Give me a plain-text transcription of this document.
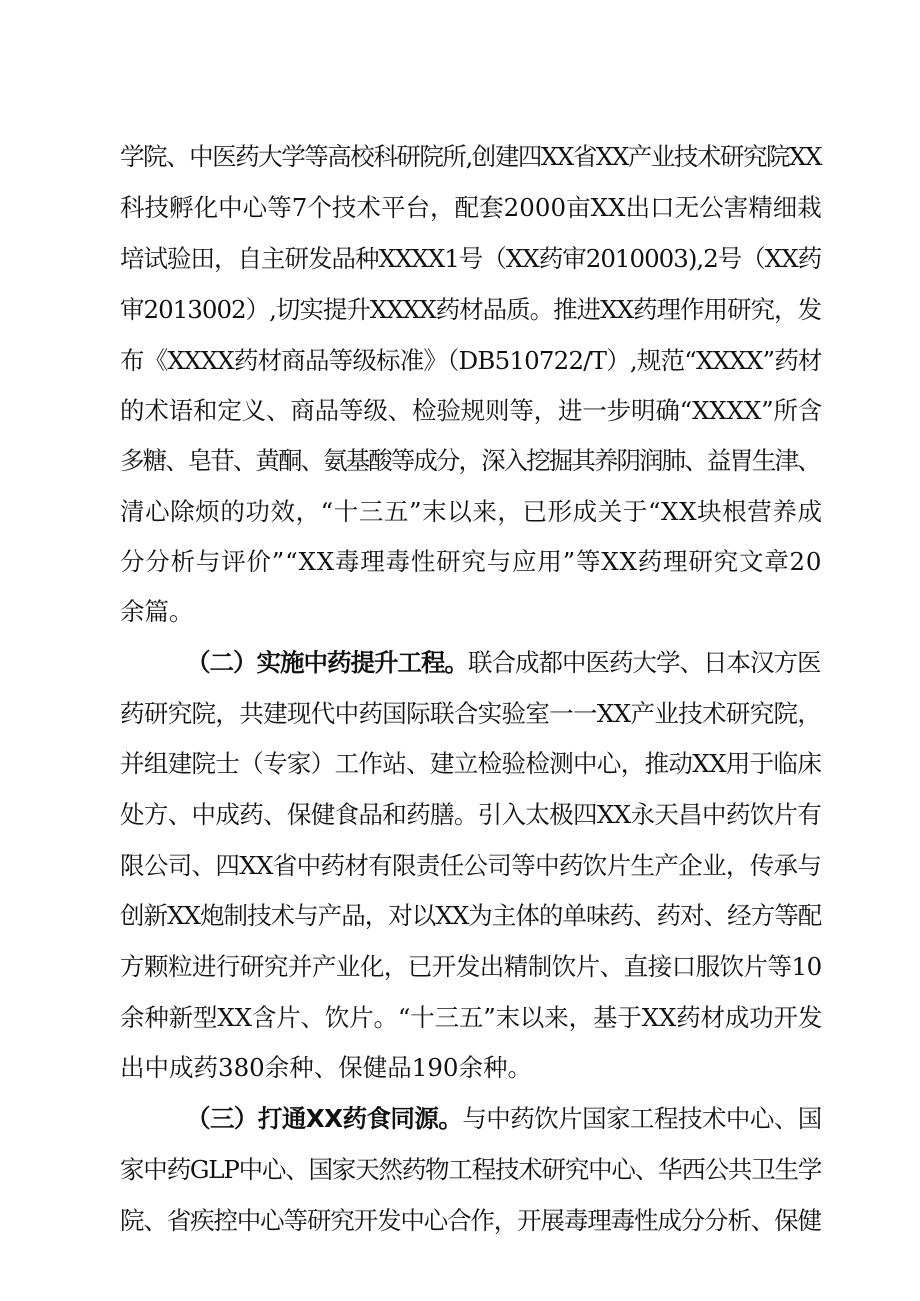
学院、中医药大学等高校科研院所,创建四XX省XX产业技术研究院XX
科技孵化中心等7个技术平台，配套2000亩XX出口无公害精细栽
培试验田，自主研发品种XXXX1号（XX药审2010003),2号（XX药
审2013002）,切实提升XXXX药材品质。推进XX药理作用研究，发
布《XXXX药材商品等级标准》（DB510722/T）,规范“XXXX”药材
的术语和定义、商品等级、检验规则等，进一步明确“XXXX”所含
多糖、皂苷、黄酮、氨基酸等成分，深入挖掘其养阴润肺、益胃生津、
清心除烦的功效，“十三五”末以来，已形成关于“XX块根营养成
分分析与评价”“XX毒理毒性研究与应用”等XX药理研究文章20
余篇。
（二）实施中药提升工程。联合成都中医药大学、日本汉方医
药研究院，共建现代中药国际联合实验室一一XX产业技术研究院，
并组建院士（专家）工作站、建立检验检测中心，推动XX用于临床
处方、中成药、保健食品和药膳。引入太极四XX永天昌中药饮片有
限公司、四XX省中药材有限责任公司等中药饮片生产企业，传承与
创新XX炮制技术与产品，对以XX为主体的单味药、药对、经方等配
方颗粒进行研究并产业化，已开发出精制饮片、直接口服饮片等10
余种新型XX含片、饮片。“十三五”末以来，基于XX药材成功开发
出中成药380余种、保健品190余种。
（三）打通XX药食同源。与中药饮片国家工程技术中心、国
家中药GLP中心、国家天然药物工程技术研究中心、华西公共卫生学
院、省疾控中心等研究开发中心合作，开展毒理毒性成分分析、保健
